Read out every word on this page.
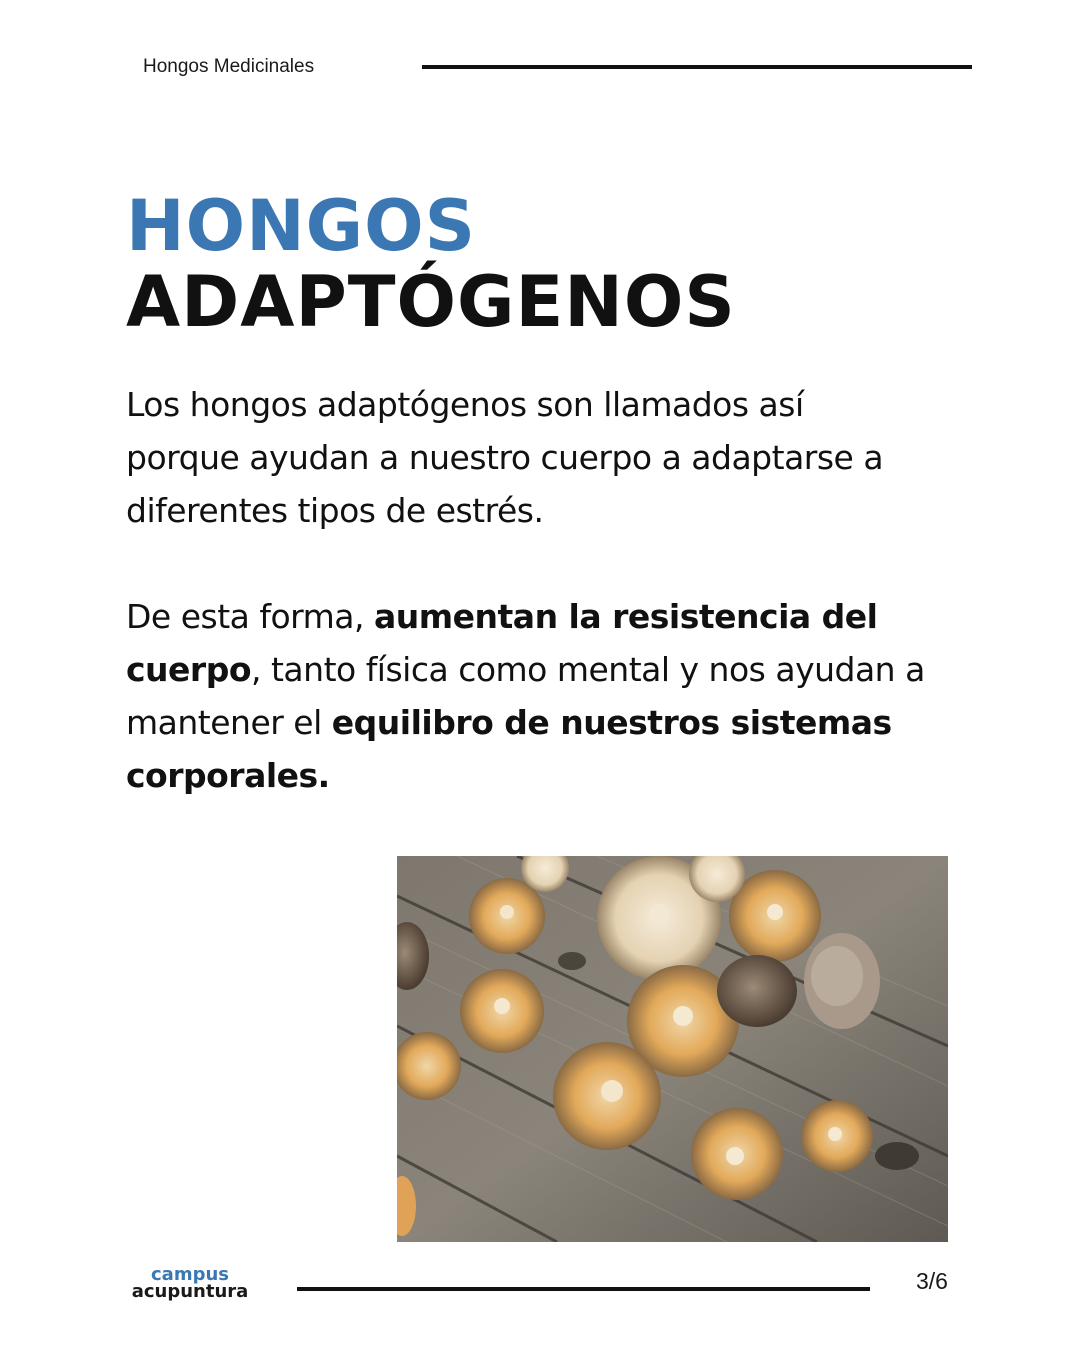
Hongos Medicinales
HONGOS
ADAPTÓGENOS

Los hongos adaptógenos son llamados así porque ayudan a nuestro cuerpo a adaptarse a diferentes tipos de estrés.

De esta forma, aumentan la resistencia del cuerpo, tanto física como mental y nos ayudan a mantener el equilibro de nuestros sistemas corporales.

campus
acupuntura	3/6
